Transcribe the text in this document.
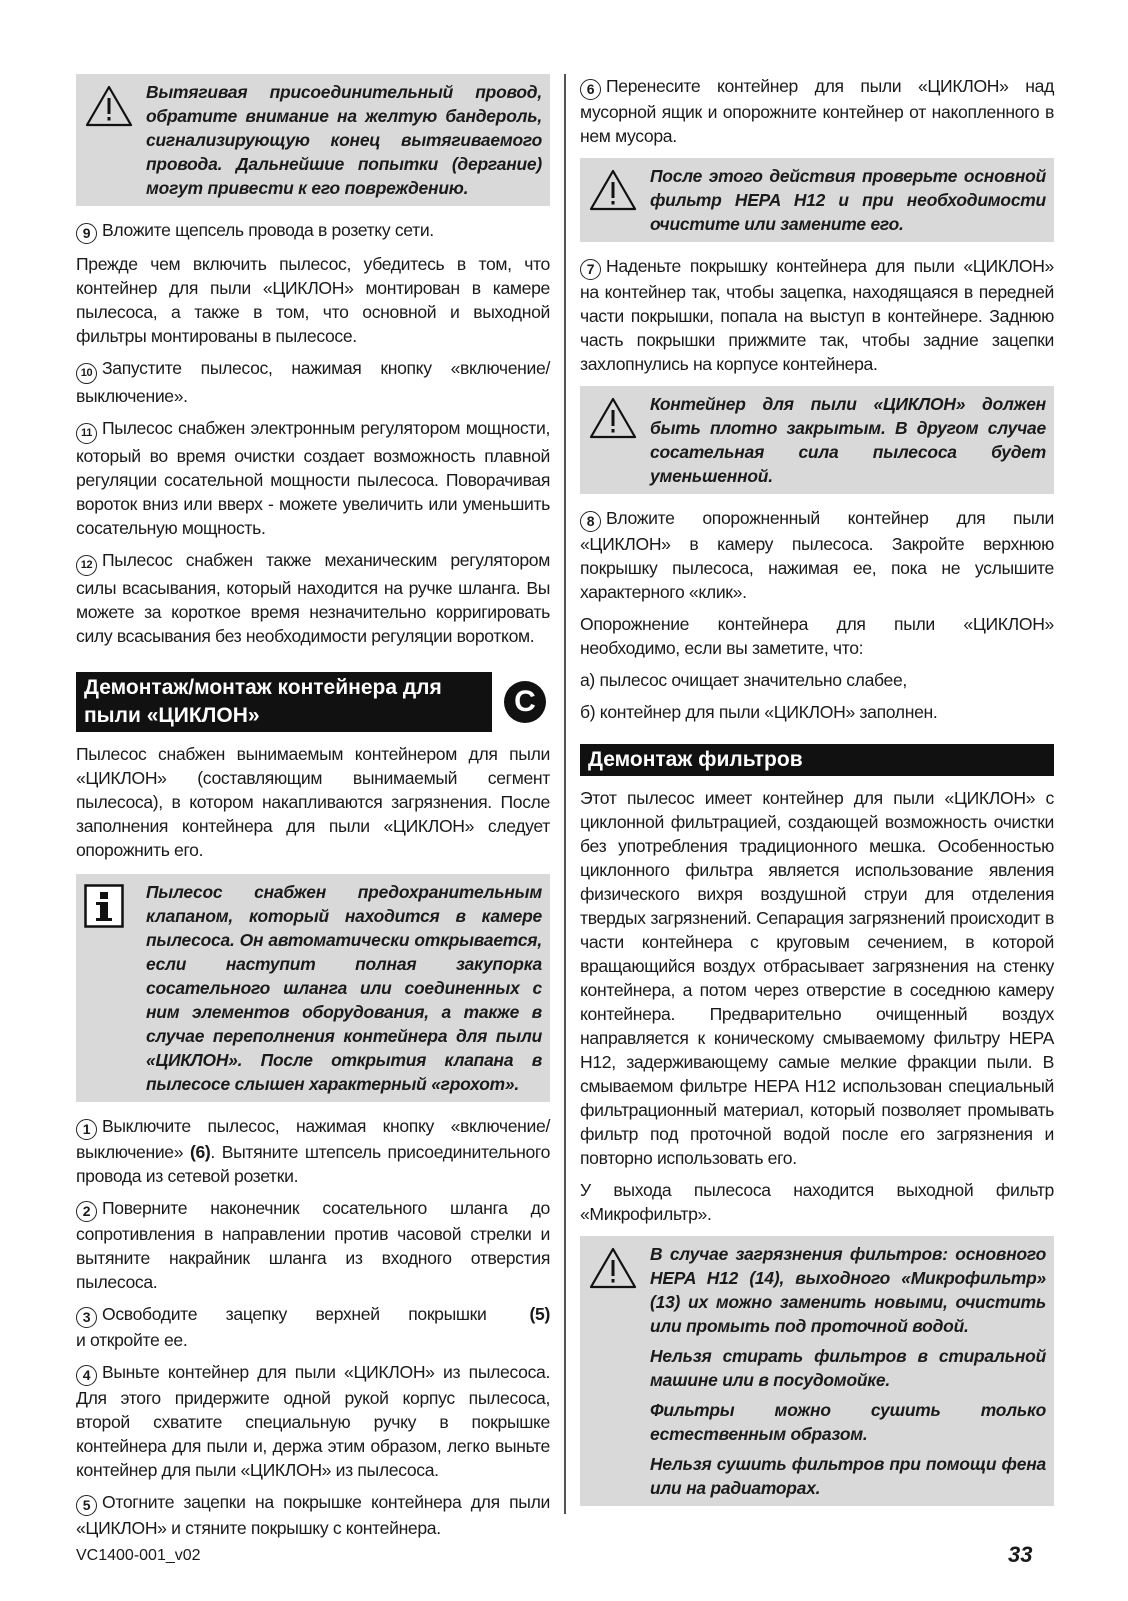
Вытягивая присоединительный провод, обратите внимание на желтую бандероль, сигнализирующую конец вытягиваемого провода. Дальнейшие попытки (дергание) могут привести к его повреждению.

9 Вложите щепсель провода в розетку сети.

Прежде чем включить пылесос, убедитесь в том, что контейнер для пыли «ЦИКЛОН» монтирован в камере пылесоса, а также в том, что основной и выходной фильтры монтированы в пылесосе.

10 Запустите пылесос, нажимая кнопку «включение/выключение».

11 Пылесос снабжен электронным регулятором мощности, который во время очистки создает возможность плавной регуляции сосательной мощности пылесоса. Поворачивая вороток вниз или вверх - можете увеличить или уменьшить сосательную мощность.

12 Пылесос снабжен также механическим регулятором силы всасывания, который находится на ручке шланга. Вы можете за короткое время незначительно корригировать силу всасывания без необходимости регуляции воротком.

Демонтаж/монтаж контейнера для пыли «ЦИКЛОН»	C

Пылесос снабжен вынимаемым контейнером для пыли «ЦИКЛОН» (составляющим вынимаемый сегмент пылесоса), в котором накапливаются загрязнения. После заполнения контейнера для пыли «ЦИКЛОН» следует опорожнить его.

Пылесос снабжен предохранительным клапаном, который находится в камере пылесоса. Он автоматически открывается, если наступит полная закупорка сосательного шланга или соединенных с ним элементов оборудования, а также в случае переполнения контейнера для пыли «ЦИКЛОН». После открытия клапана в пылесосе слышен характерный «грохот».

1 Выключите пылесос, нажимая кнопку «включение/выключение» (6). Вытяните штепсель присоединительного провода из сетевой розетки.

2 Поверните наконечник сосательного шланга до сопротивления в направлении против часовой стрелки и вытяните накрайник шланга из входного отверстия пылесоса.

3 Освободите зацепку верхней покрышки (5)

и откройте ее.

4 Выньте контейнер для пыли «ЦИКЛОН» из пылесоса. Для этого придержите одной рукой корпус пылесоса, второй схватите специальную ручку в покрышке контейнера для пыли и, держа этим образом, легко выньте контейнер для пыли «ЦИКЛОН» из пылесоса.

5 Отогните зацепки на покрышке контейнера для пыли «ЦИКЛОН» и стяните покрышку с контейнера.

6 Перенесите контейнер для пыли «ЦИКЛОН» над мусорной ящик и опорожните контейнер от накопленного в нем мусора.

После этого действия проверьте основной фильтр HEPA H12 и при необходимости очистите или замените его.

7 Наденьте покрышку контейнера для пыли «ЦИКЛОН» на контейнер так, чтобы зацепка, находящаяся в передней части покрышки, попала на выступ в контейнере. Заднюю часть покрышки прижмите так, чтобы задние зацепки захлопнулись на корпусе контейнера.

Контейнер для пыли «ЦИКЛОН» должен быть плотно закрытым. В другом случае сосательная сила пылесоса будет уменьшенной.

8 Вложите опорожненный контейнер для пыли «ЦИКЛОН» в камеру пылесоса. Закройте верхнюю покрышку пылесоса, нажимая ее, пока не услышите характерного «клик».

Опорожнение контейнера для пыли «ЦИКЛОН» необходимо, если вы заметите, что:

а) пылесос очищает значительно слабее,

б) контейнер для пыли «ЦИКЛОН» заполнен.

Демонтаж фильтров

Этот пылесос имеет контейнер для пыли «ЦИКЛОН» с циклонной фильтрацией, создающей возможность очистки без употребления традиционного мешка. Особенностью циклонного фильтра является использование явления физического вихря воздушной струи для отделения твердых загрязнений. Сепарация загрязнений происходит в части контейнера с круговым сечением, в которой вращающийся воздух отбрасывает загрязнения на стенку контейнера, а потом через отверстие в соседнюю камеру контейнера. Предварительно очищенный воздух направляется к коническому смываемому фильтру HEPA H12, задерживающему самые мелкие фракции пыли. В смываемом фильтре HEPA H12 использован специальный фильтрационный материал, который позволяет промывать фильтр под проточной водой после его загрязнения и повторно использовать его.

У выхода пылесоса находится выходной фильтр «Микрофильтр».

В случае загрязнения фильтров: основного HEPA H12 (14), выходного «Микрофильтр» (13) их можно заменить новыми, очистить или промыть под проточной водой.

Нельзя стирать фильтров в стиральной машине или в посудомойке.

Фильтры можно сушить только естественным образом.

Нельзя сушить фильтров при помощи фена или на радиаторах.

VC1400-001_v02	33
